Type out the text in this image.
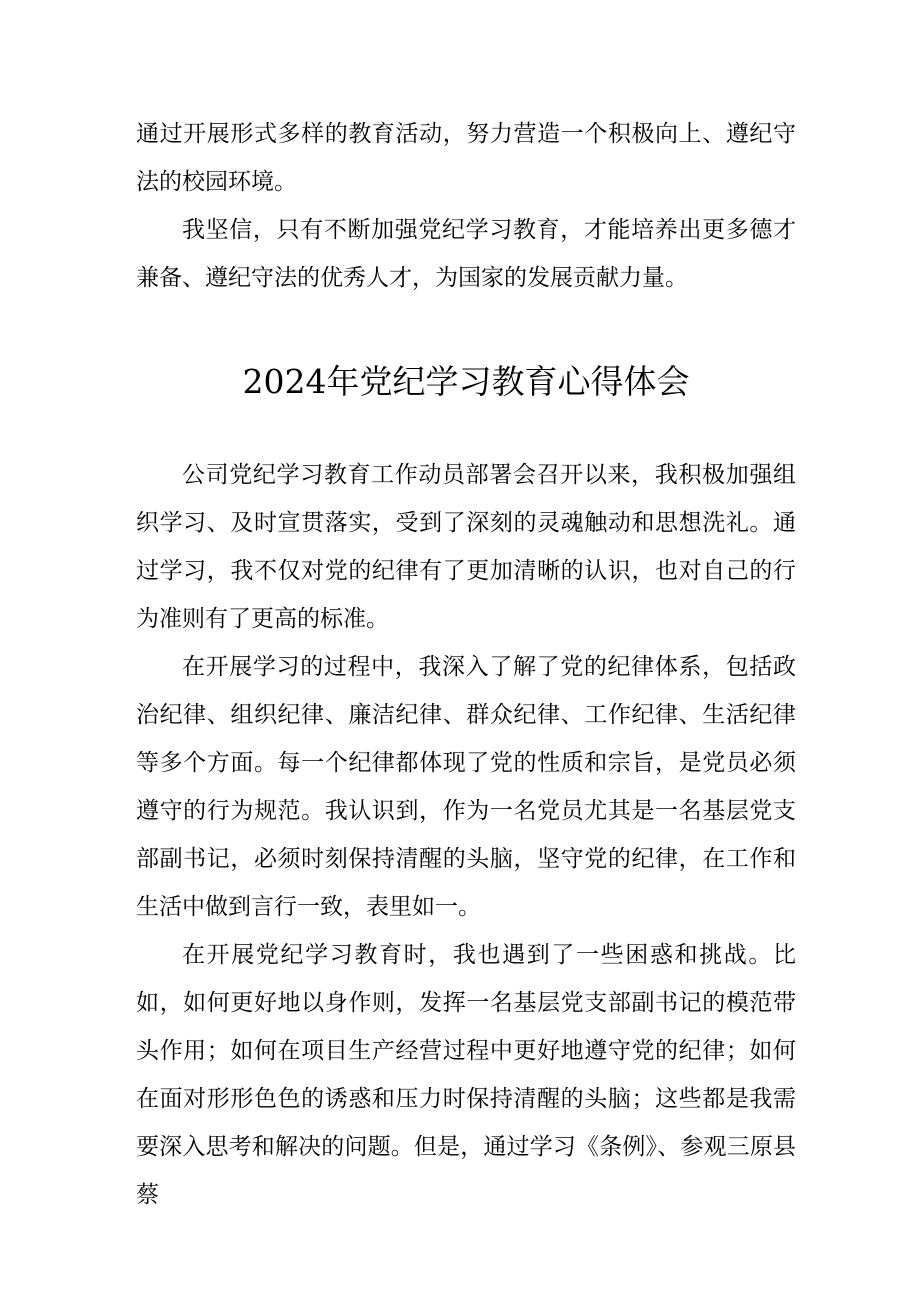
通过开展形式多样的教育活动，努力营造一个积极向上、遵纪守法的校园环境。

我坚信，只有不断加强党纪学习教育，才能培养出更多德才兼备、遵纪守法的优秀人才，为国家的发展贡献力量。

2024年党纪学习教育心得体会

公司党纪学习教育工作动员部署会召开以来，我积极加强组织学习、及时宣贯落实，受到了深刻的灵魂触动和思想洗礼。通过学习，我不仅对党的纪律有了更加清晰的认识，也对自己的行为准则有了更高的标准。

在开展学习的过程中，我深入了解了党的纪律体系，包括政治纪律、组织纪律、廉洁纪律、群众纪律、工作纪律、生活纪律等多个方面。每一个纪律都体现了党的性质和宗旨，是党员必须遵守的行为规范。我认识到，作为一名党员尤其是一名基层党支部副书记，必须时刻保持清醒的头脑，坚守党的纪律，在工作和生活中做到言行一致，表里如一。

在开展党纪学习教育时，我也遇到了一些困惑和挑战。比如，如何更好地以身作则，发挥一名基层党支部副书记的模范带头作用；如何在项目生产经营过程中更好地遵守党的纪律；如何在面对形形色色的诱惑和压力时保持清醒的头脑；这些都是我需要深入思考和解决的问题。但是，通过学习《条例》、参观三原县蔡
